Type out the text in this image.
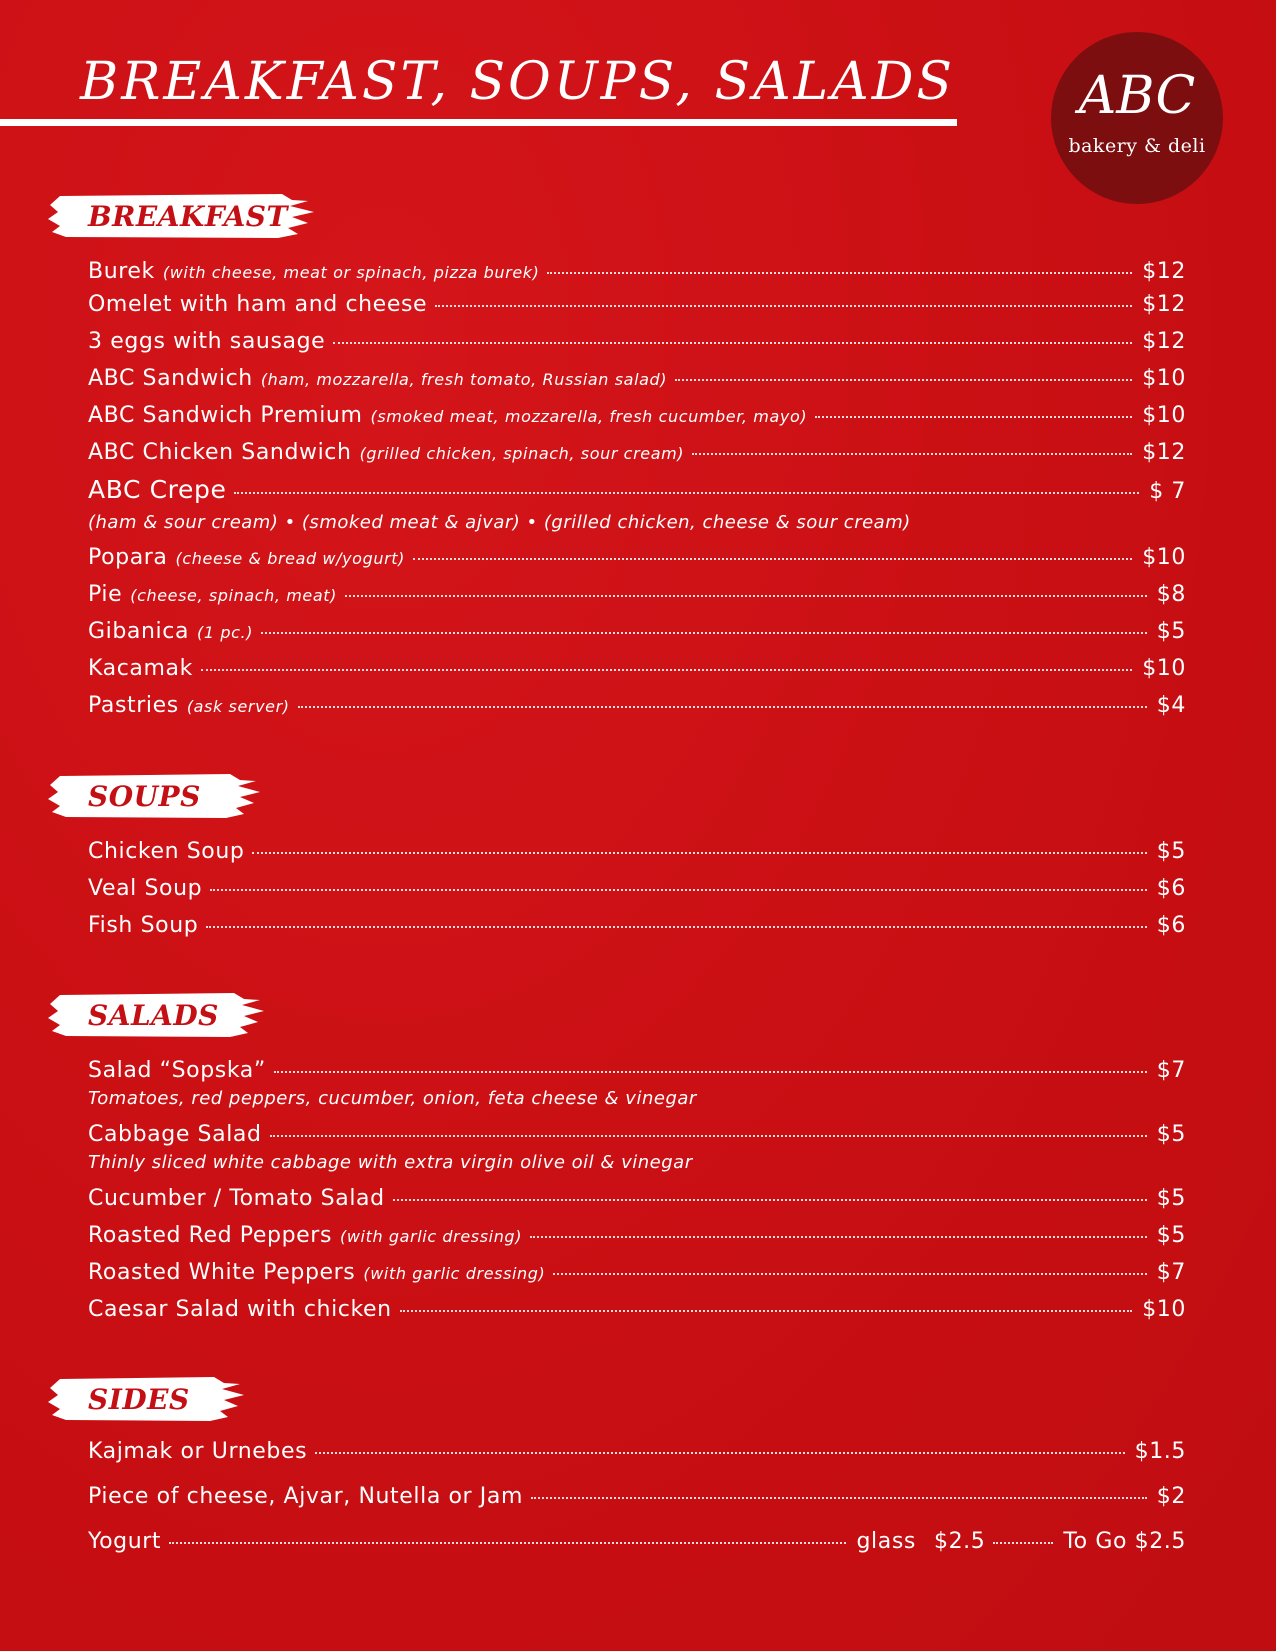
BREAKFAST, SOUPS, SALADS	ABC
bakery & deli
BREAKFAST
Burek (with cheese, meat or spinach, pizza burek)	$12
Omelet with ham and cheese	$12
3 eggs with sausage	$12
ABC Sandwich (ham, mozzarella, fresh tomato, Russian salad)	$10
ABC Sandwich Premium (smoked meat, mozzarella, fresh cucumber, mayo)	$10
ABC Chicken Sandwich (grilled chicken, spinach, sour cream)	$12
ABC Crepe	$ 7
(ham & sour cream) • (smoked meat & ajvar) • (grilled chicken, cheese & sour cream)
Popara (cheese & bread w/yogurt)	$10
Pie (cheese, spinach, meat)	$8
Gibanica (1 pc.)	$5
Kacamak	$10
Pastries (ask server)	$4
SOUPS
Chicken Soup	$5
Veal Soup	$6
Fish Soup	$6
SALADS
Salad “Sopska”	$7
Tomatoes, red peppers, cucumber, onion, feta cheese & vinegar
Cabbage Salad	$5
Thinly sliced white cabbage with extra virgin olive oil & vinegar
Cucumber / Tomato Salad	$5
Roasted Red Peppers (with garlic dressing)	$5
Roasted White Peppers (with garlic dressing)	$7
Caesar Salad with chicken	$10
SIDES
Kajmak or Urnebes	$1.5
Piece of cheese, Ajvar, Nutella or Jam	$2
Yogurt	glass $2.5	To Go $2.5
